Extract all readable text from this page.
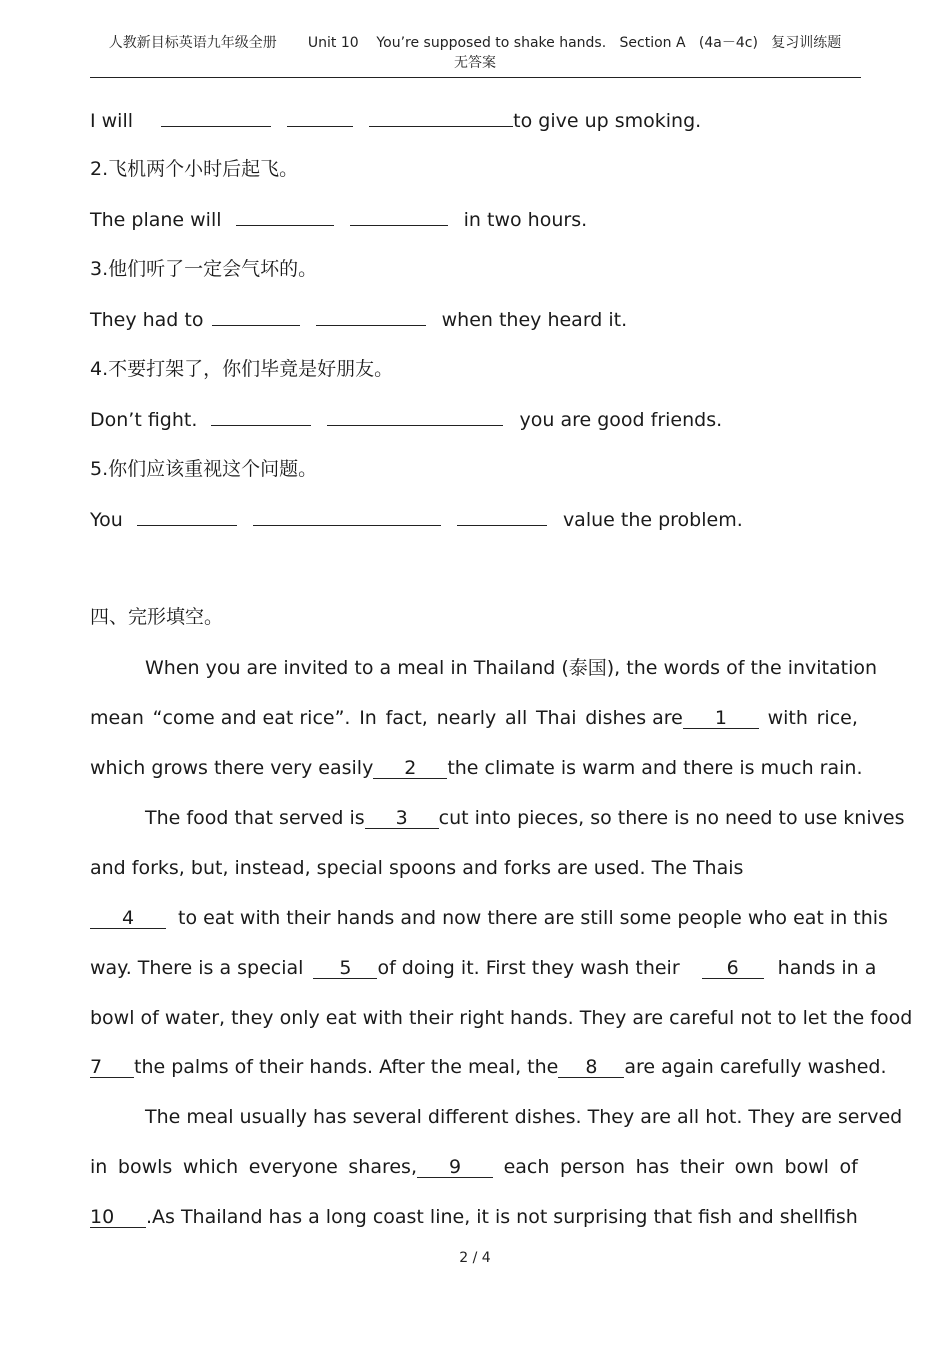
人教新目标英语九年级全册       Unit 10    You’re supposed to shake hands.   Section A   (4a－4c)   复习训练题
无答案
I will	to give up smoking.
2.飞机两个小时后起飞。
The plane will	in two hours.
3.他们听了一定会气坏的。
They had to	when they heard it.
4.不要打架了，你们毕竟是好朋友。
Don’t fight.	you are good friends.
5.你们应该重视这个问题。
You	value the problem.
四、完形填空。
When you are invited to a meal in Thailand (泰国), the words of the invitation
mean “come and eat rice”. In fact, nearly all Thai dishes are 1	with rice,
which grows there very easily 2 the climate is warm and there is much rain.
The food that served is 3 cut into pieces, so there is no need to use knives
and forks, but, instead, special spoons and forks are used. The Thais
4 to eat with their hands and now there are still some people who eat in this
way. There is a special 5 of doing it. First they wash their 6 hands in a
bowl of water, they only eat with their right hands. They are careful not to let the food
7 the palms of their hands. After the meal, the 8 are again carefully washed.
The meal usually has several different dishes. They are all hot. They are served
in bowls which everyone shares, 9	each person has their own bowl of
10 .As Thailand has a long coast line, it is not surprising that fish and shellfish
2 / 4
